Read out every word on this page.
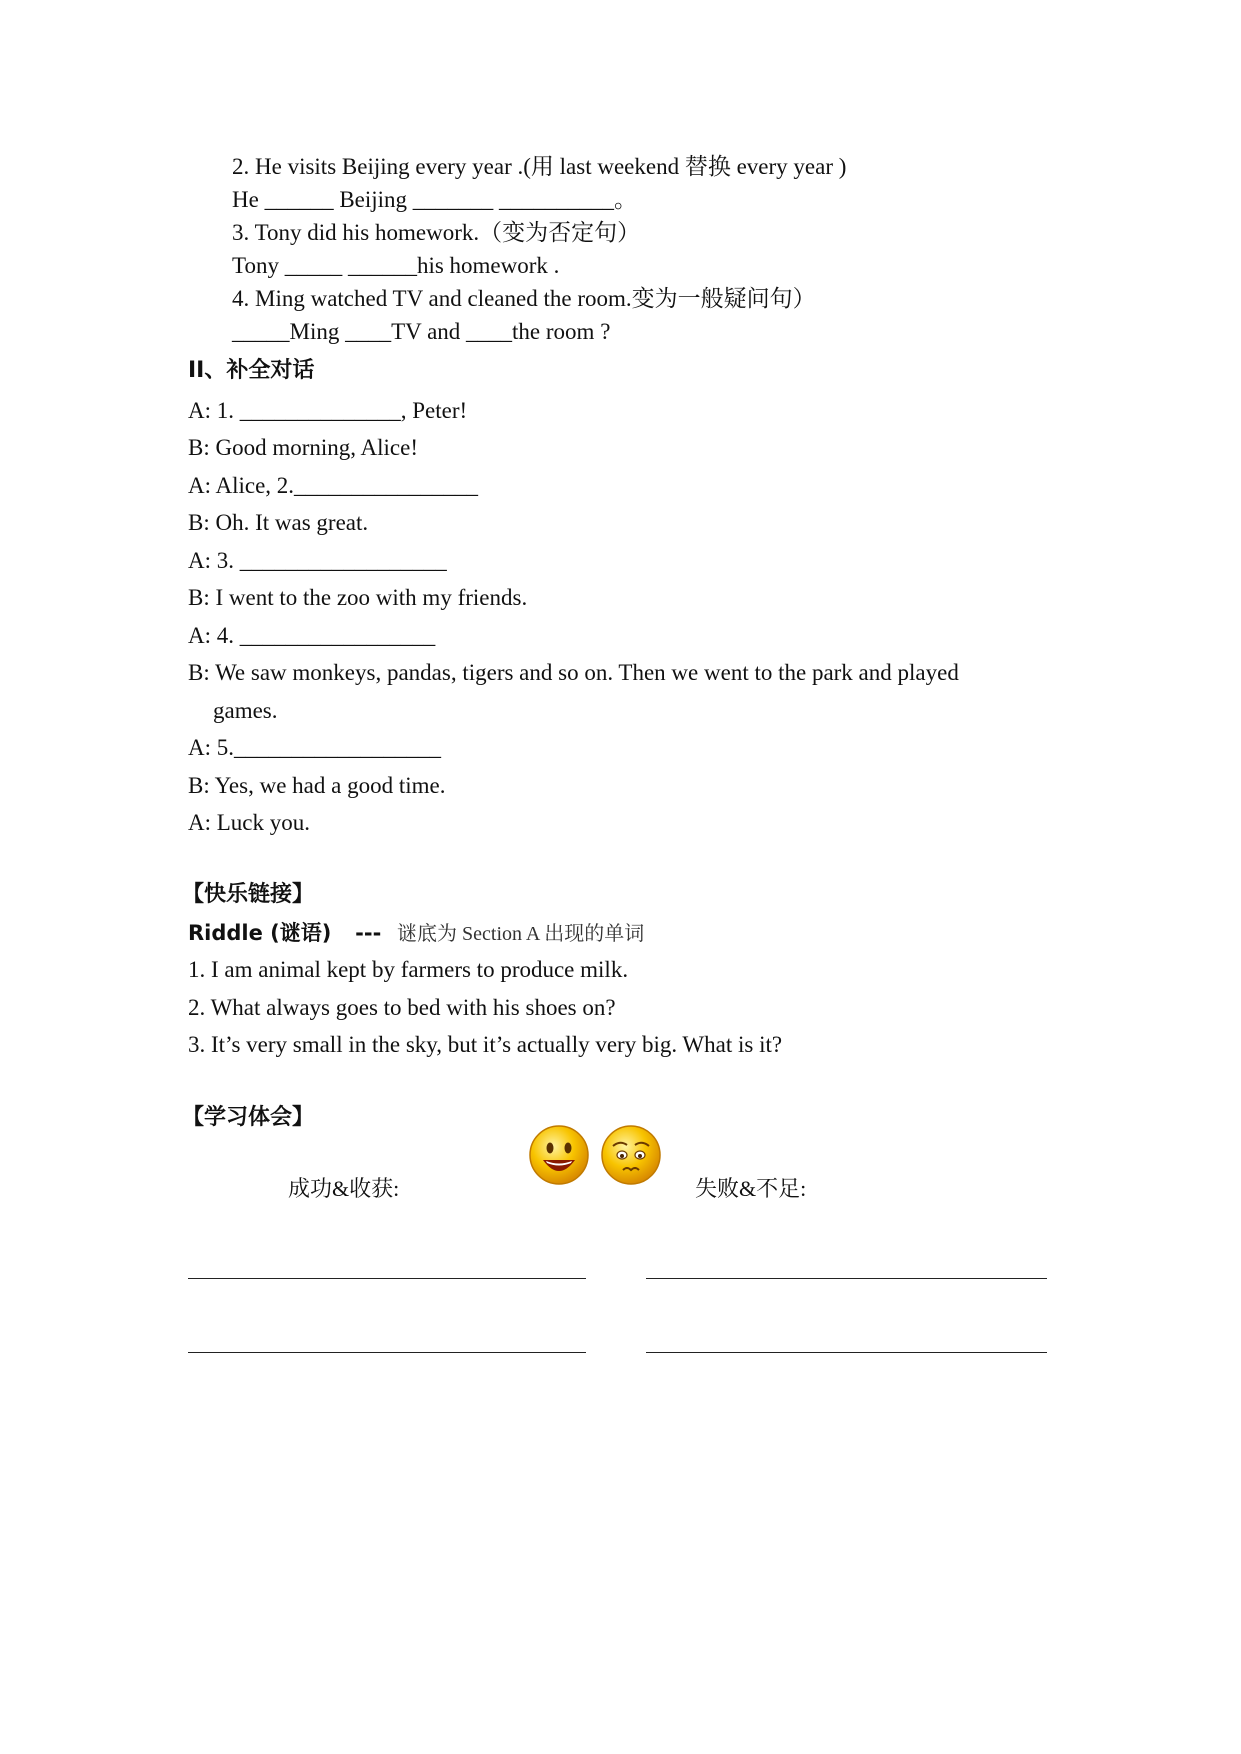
2. He visits Beijing every year .(用 last weekend 替换 every year )
He ______ Beijing _______ __________。
3. Tony did his homework.（变为否定句）
Tony _____ ______his homework .
4. Ming watched TV and cleaned the room.变为一般疑问句）
_____Ming ____TV and ____the room ?
II、补全对话
A: 1. ______________, Peter!
B: Good morning, Alice!
A: Alice, 2.________________
B: Oh. It was great.
A: 3. __________________
B: I went to the zoo with my friends.
A: 4. _________________
B: We saw monkeys, pandas, tigers and so on. Then we went to the park and played
games.
A: 5.__________________
B: Yes, we had a good time.
A: Luck you.
【快乐链接】
Riddle (谜语) --- 谜底为 Section A 出现的单词
1. I am animal kept by farmers to produce milk.
2. What always goes to bed with his shoes on?
3. It’s very small in the sky, but it’s actually very big. What is it?
【学习体会】
成功&收获:	失败&不足:
